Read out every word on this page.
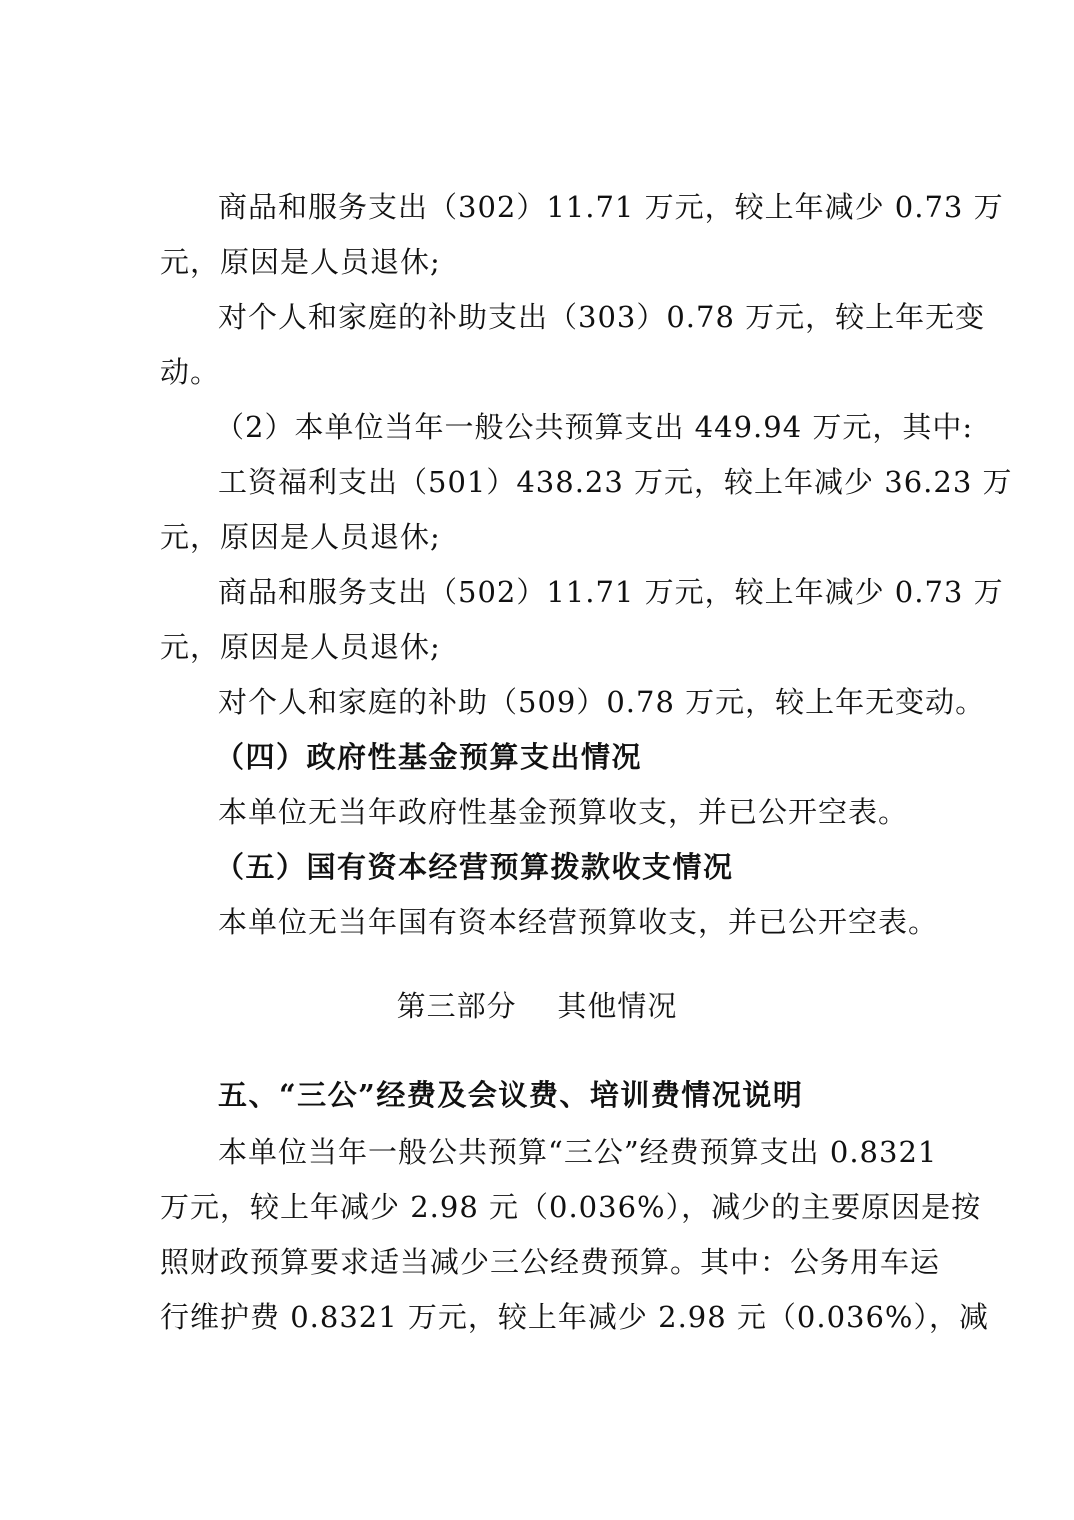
商品和服务支出（302）11.71 万元，较上年减少 0.73 万
元，原因是人员退休;
对个人和家庭的补助支出（303）0.78 万元，较上年无变
动。
（2）本单位当年一般公共预算支出 449.94 万元，其中:
工资福利支出（501）438.23 万元，较上年减少 36.23 万
元，原因是人员退休;
商品和服务支出（502）11.71 万元，较上年减少 0.73 万
元，原因是人员退休;
对个人和家庭的补助（509）0.78 万元，较上年无变动。
（四）政府性基金预算支出情况
本单位无当年政府性基金预算收支，并已公开空表。
（五）国有资本经营预算拨款收支情况
本单位无当年国有资本经营预算收支，并已公开空表。
第三部分    其他情况
五、“三公”经费及会议费、培训费情况说明
本单位当年一般公共预算“三公”经费预算支出 0.8321
万元，较上年减少 2.98 元（0.036%），减少的主要原因是按
照财政预算要求适当减少三公经费预算。其中：公务用车运
行维护费 0.8321 万元，较上年减少 2.98 元（0.036%），减
